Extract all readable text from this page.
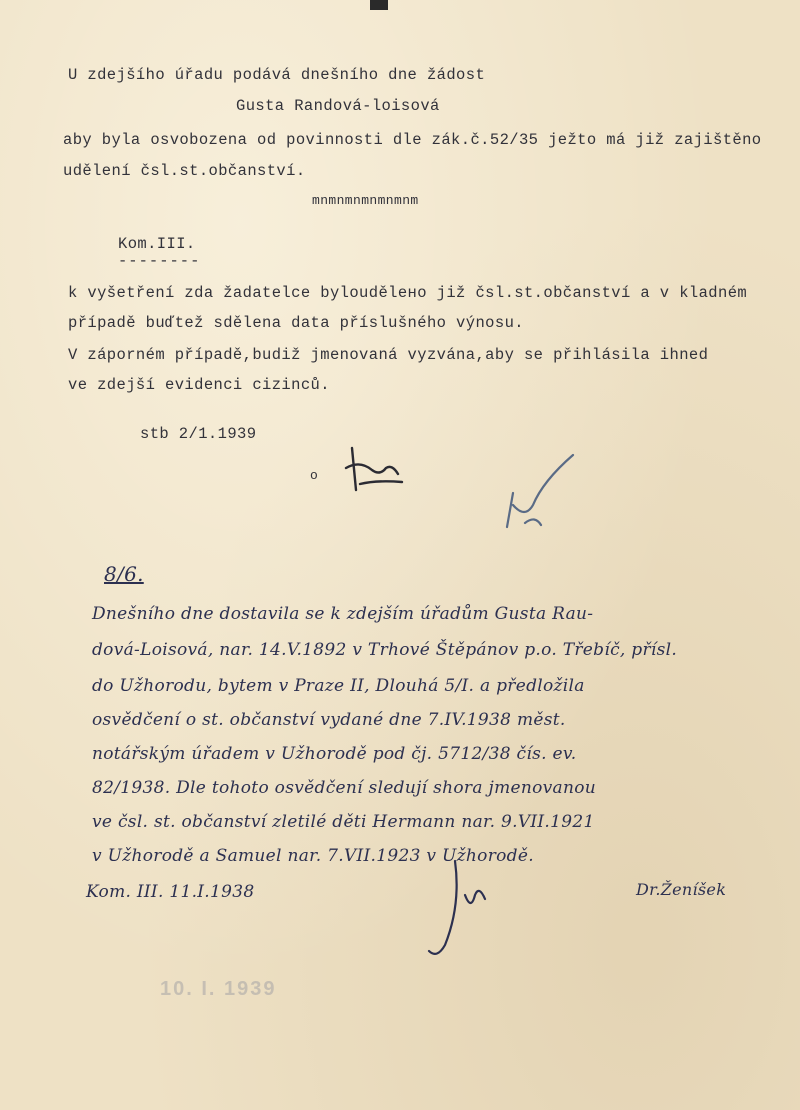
U zdejšího úřadu podává dnešního dne žádost
Gusta Randová-loisová
aby byla osvobozena od povinnosti dle zák.č.52/35 ježto má již zajištěno
udělení čsl.st.občanství.
mnmnmnmnmnmnm
Kom.III.
--------
k vyšetření zda žadatelce byloudělено již čsl.st.občanství a v kladném
případě buďtež sdělena data příslušného výnosu.
V záporném případě,budiž jmenovaná vyzvána,aby se přihlásila ihned
ve zdejší evidenci cizinců.
stb 2/1.1939
o
8/6.
Dnešního dne dostavila se k zdejším úřadům Gusta Rau-
dová-Loisová, nar. 14.V.1892 v Trhové Štěpánov p.o. Třebíč, přísl.
do Užhorodu, bytem v Praze II, Dlouhá 5/I. a předložila
osvědčení o st. občanství vydané dne 7.IV.1938 měst.
notářským úřadem v Užhorodě pod čj. 5712/38 čís. ev.
82/1938. Dle tohoto osvědčení sledují shora jmenovanou
ve čsl. st. občanství zletilé děti Hermann nar. 9.VII.1921
v Užhorodě a Samuel nar. 7.VII.1923 v Užhorodě.
Kom. III. 11.I.1938	Dr.Ženíšek
10. I. 1939
